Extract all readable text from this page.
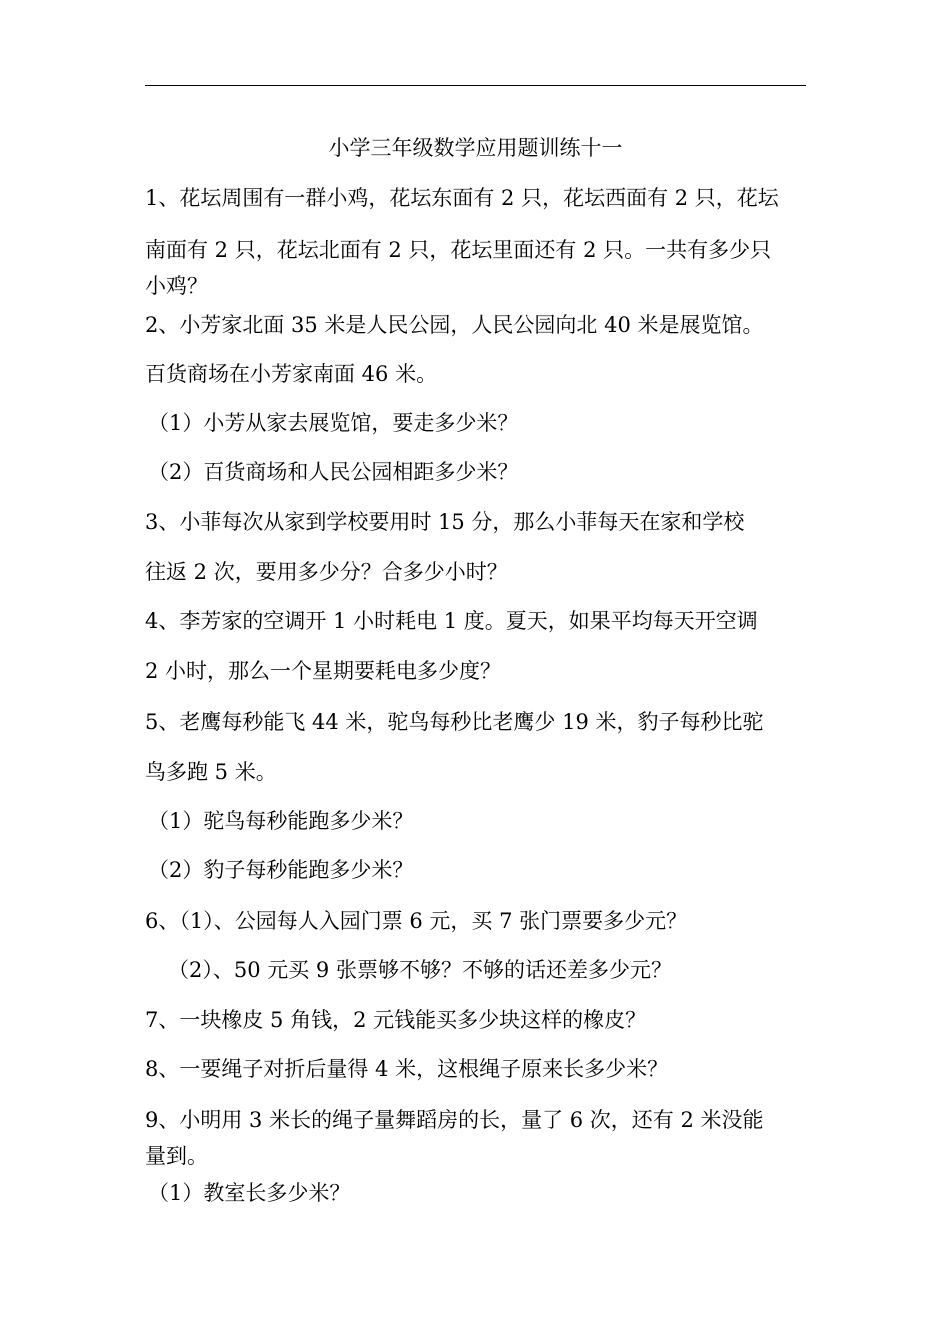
小学三年级数学应用题训练十一
1、花坛周围有一群小鸡，花坛东面有 2 只，花坛西面有 2 只，花坛
南面有 2 只，花坛北面有 2 只，花坛里面还有 2 只。一共有多少只
小鸡？
2、小芳家北面 35 米是人民公园，人民公园向北 40 米是展览馆。
百货商场在小芳家南面 46 米。
（1）小芳从家去展览馆，要走多少米？
（2）百货商场和人民公园相距多少米？
3、小菲每次从家到学校要用时 15 分，那么小菲每天在家和学校
往返 2 次，要用多少分？合多少小时？
4、李芳家的空调开 1 小时耗电 1 度。夏天，如果平均每天开空调
2 小时，那么一个星期要耗电多少度？
5、老鹰每秒能飞 44 米，驼鸟每秒比老鹰少 19 米，豹子每秒比驼
鸟多跑 5 米。
（1）驼鸟每秒能跑多少米？
（2）豹子每秒能跑多少米？
6、（1）、公园每人入园门票 6 元，买 7 张门票要多少元？
（2）、50 元买 9 张票够不够？不够的话还差多少元？
7、一块橡皮 5 角钱，2 元钱能买多少块这样的橡皮？
8、一要绳子对折后量得 4 米，这根绳子原来长多少米？
9、小明用 3 米长的绳子量舞蹈房的长，量了 6 次，还有 2 米没能
量到。
（1）教室长多少米？
